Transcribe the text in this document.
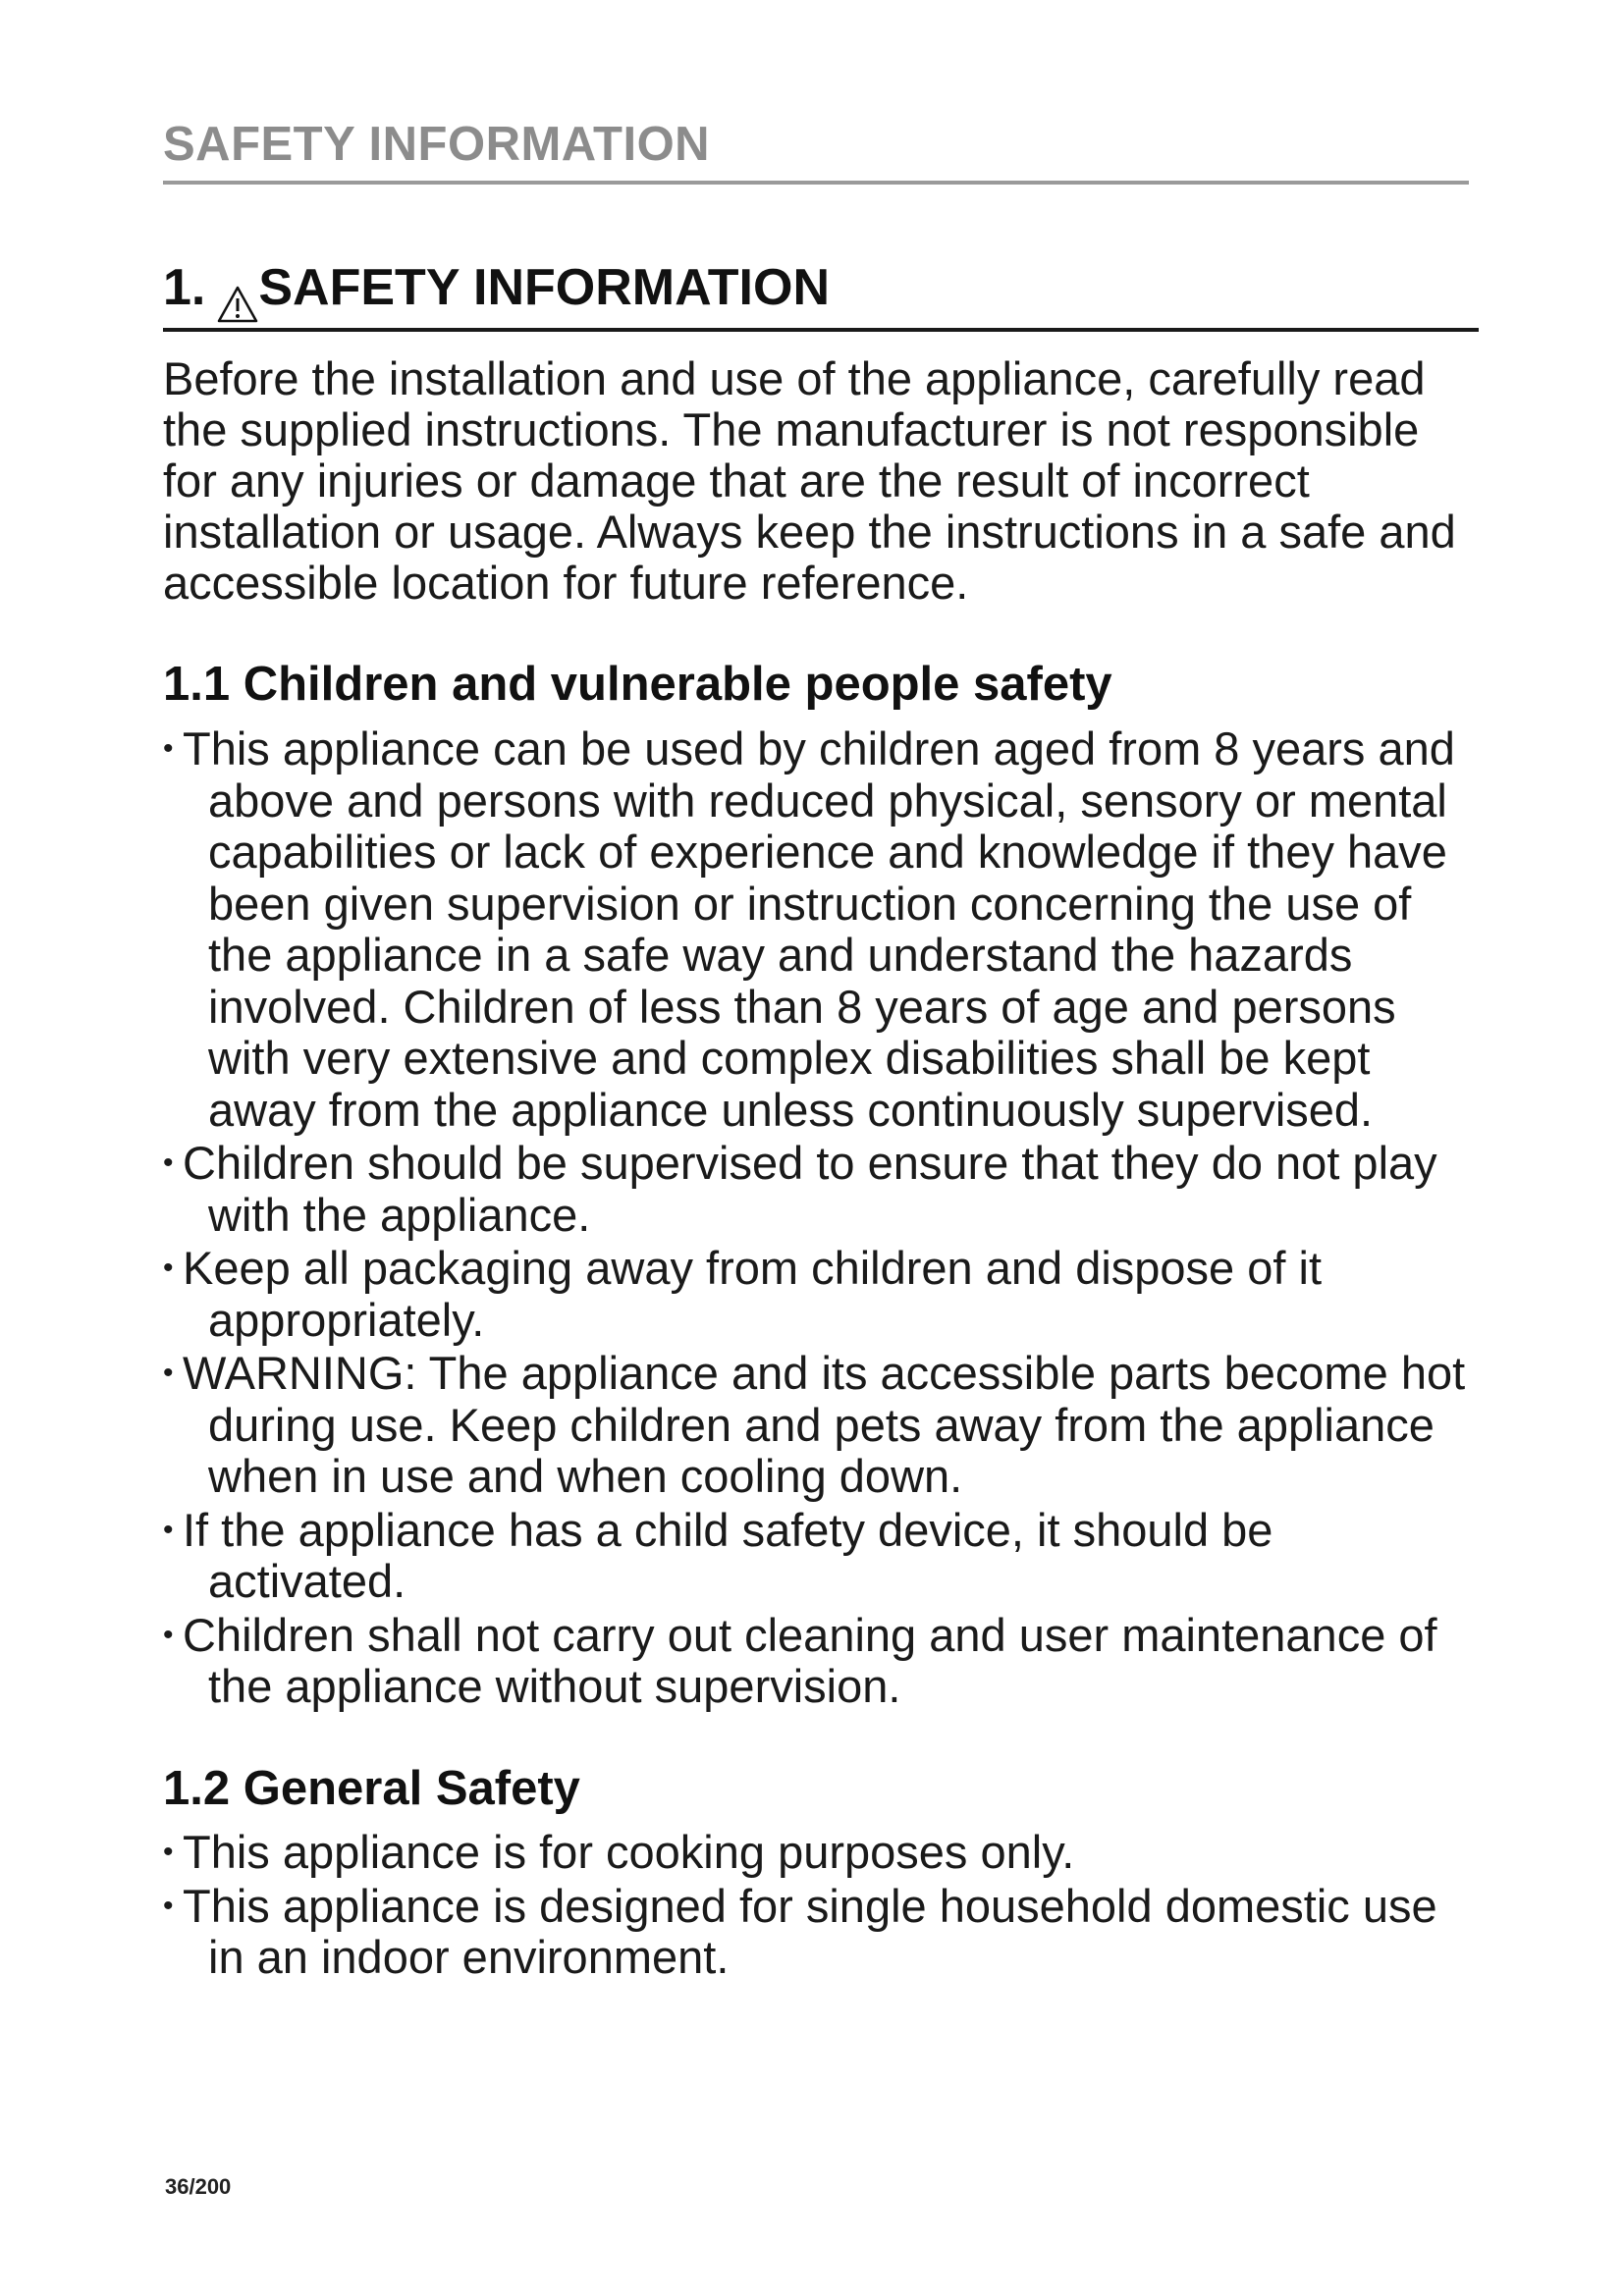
SAFETY INFORMATION
1. SAFETY INFORMATION

Before the installation and use of the appliance, carefully read the supplied instructions. The manufacturer is not responsible for any injuries or damage that are the result of incorrect installation or usage. Always keep the instructions in a safe and accessible location for future reference.

1.1 Children and vulnerable people safety
• This appliance can be used by children aged from 8 years and above and persons with reduced physical, sensory or mental capabilities or lack of experience and knowledge if they have been given supervision or instruction concerning the use of the appliance in a safe way and understand the hazards involved. Children of less than 8 years of age and persons with very extensive and complex disabilities shall be kept away from the appliance unless continuously supervised.
• Children should be supervised to ensure that they do not play with the appliance.
• Keep all packaging away from children and dispose of it appropriately.
• WARNING: The appliance and its accessible parts become hot during use. Keep children and pets away from the appliance when in use and when cooling down.
• If the appliance has a child safety device, it should be activated.
• Children shall not carry out cleaning and user maintenance of the appliance without supervision.
1.2 General Safety
• This appliance is for cooking purposes only.
• This appliance is designed for single household domestic use in an indoor environment.
36/200
